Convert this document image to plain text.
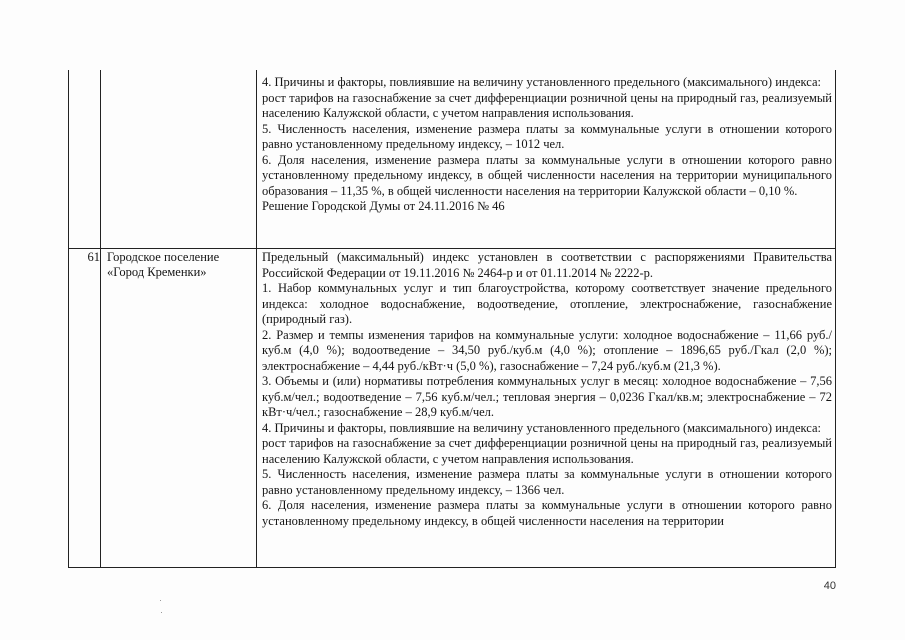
4. Причины и факторы, повлиявшие на величину установленного предельного (максимального) индекса:

рост тарифов на газоснабжение за счет дифференциации розничной цены на природный газ, реализуемый населению Калужской области, с учетом направления использования.

5. Численность населения, изменение размера платы за коммунальные услуги в отношении которого равно установленному предельному индексу, – 1012 чел.

6. Доля населения, изменение размера платы за коммунальные услуги в отношении которого равно установленному предельному индексу, в общей численности населения на территории муниципального образования – 11,35 %, в общей численности населения на территории Калужской области – 0,10 %.

Решение Городской Думы от 24.11.2016 № 46

61 Городское поселение «Город Кременки»

Предельный (максимальный) индекс установлен в соответствии с распоряжениями Правительства Российской Федерации от 19.11.2016 № 2464-р и от 01.11.2014 № 2222-р.

1. Набор коммунальных услуг и тип благоустройства, которому соответствует значение предельного индекса: холодное водоснабжение, водоотведение, отопление, электроснабжение, газоснабжение (природный газ).

2. Размер и темпы изменения тарифов на коммунальные услуги: холодное водоснабжение – 11,66 руб./куб.м (4,0 %); водоотведение – 34,50 руб./куб.м (4,0 %); отопление – 1896,65 руб./Гкал (2,0 %); электроснабжение – 4,44 руб./кВт·ч (5,0 %), газоснабжение – 7,24 руб./куб.м (21,3 %).

3. Объемы и (или) нормативы потребления коммунальных услуг в месяц: холодное водоснабжение – 7,56 куб.м/чел.; водоотведение – 7,56 куб.м/чел.; тепловая энергия – 0,0236 Гкал/кв.м; электроснабжение – 72 кВт·ч/чел.; газоснабжение – 28,9 куб.м/чел.

4. Причины и факторы, повлиявшие на величину установленного предельного (максимального) индекса:

рост тарифов на газоснабжение за счет дифференциации розничной цены на природный газ, реализуемый населению Калужской области, с учетом направления использования.

5. Численность населения, изменение размера платы за коммунальные услуги в отношении которого равно установленному предельному индексу, – 1366 чел.

6. Доля населения, изменение размера платы за коммунальные услуги в отношении которого равно установленному предельному индексу, в общей численности населения на территории

40
